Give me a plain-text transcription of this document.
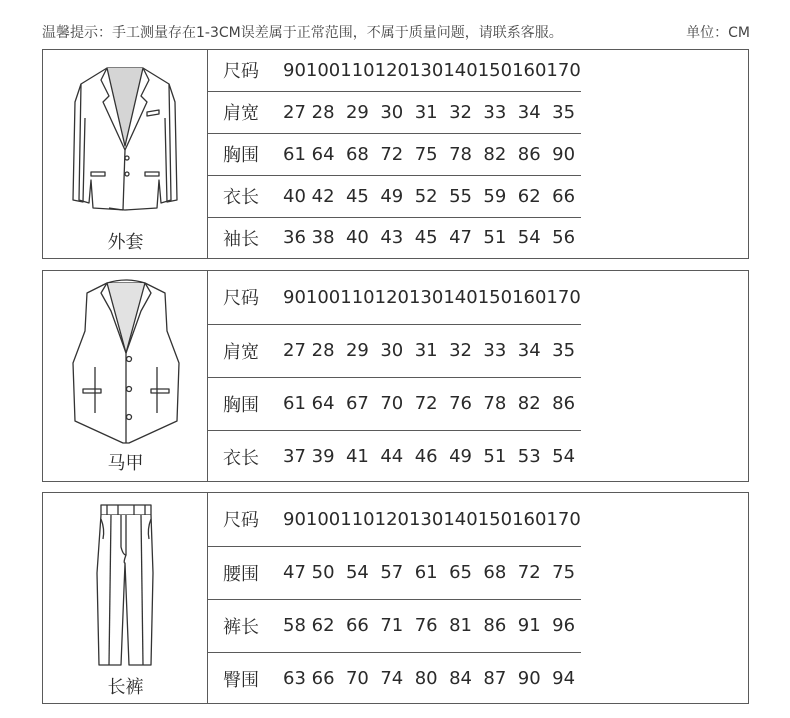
温馨提示：手工测量存在1-3CM误差属于正常范围，不属于质量问题，请联系客服。	单位：CM
外套
尺码	90	100	110	120	130	140	150	160	170
肩宽	27	28	29	30	31	32	33	34	35
胸围	61	64	68	72	75	78	82	86	90
衣长	40	42	45	49	52	55	59	62	66
袖长	36	38	40	43	45	47	51	54	56
马甲
尺码	90	100	110	120	130	140	150	160	170
肩宽	27	28	29	30	31	32	33	34	35
胸围	61	64	67	70	72	76	78	82	86
衣长	37	39	41	44	46	49	51	53	54
长裤
尺码	90	100	110	120	130	140	150	160	170
腰围	47	50	54	57	61	65	68	72	75
裤长	58	62	66	71	76	81	86	91	96
臀围	63	66	70	74	80	84	87	90	94
